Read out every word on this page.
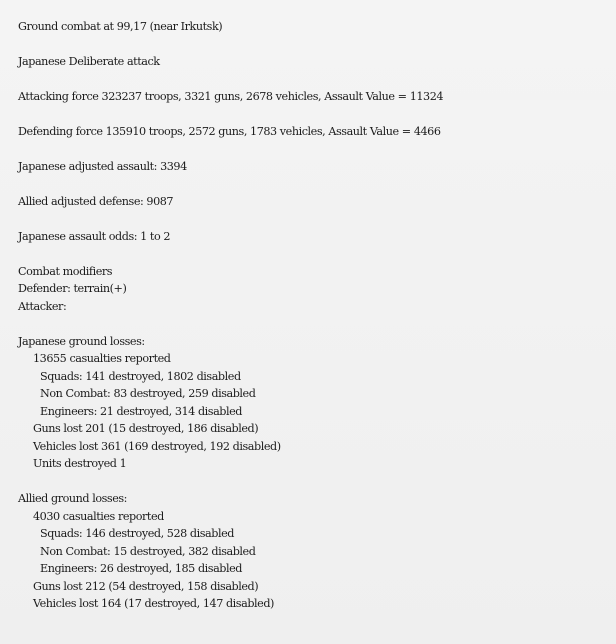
Ground combat at 99,17 (near Irkutsk)
Japanese Deliberate attack
Attacking force 323237 troops, 3321 guns, 2678 vehicles, Assault Value = 11324
Defending force 135910 troops, 2572 guns, 1783 vehicles, Assault Value = 4466
Japanese adjusted assault: 3394
Allied adjusted defense: 9087
Japanese assault odds: 1 to 2
Combat modifiers
Defender: terrain(+)
Attacker:
Japanese ground losses:
13655 casualties reported
Squads: 141 destroyed, 1802 disabled
Non Combat: 83 destroyed, 259 disabled
Engineers: 21 destroyed, 314 disabled
Guns lost 201 (15 destroyed, 186 disabled)
Vehicles lost 361 (169 destroyed, 192 disabled)
Units destroyed 1
Allied ground losses:
4030 casualties reported
Squads: 146 destroyed, 528 disabled
Non Combat: 15 destroyed, 382 disabled
Engineers: 26 destroyed, 185 disabled
Guns lost 212 (54 destroyed, 158 disabled)
Vehicles lost 164 (17 destroyed, 147 disabled)
